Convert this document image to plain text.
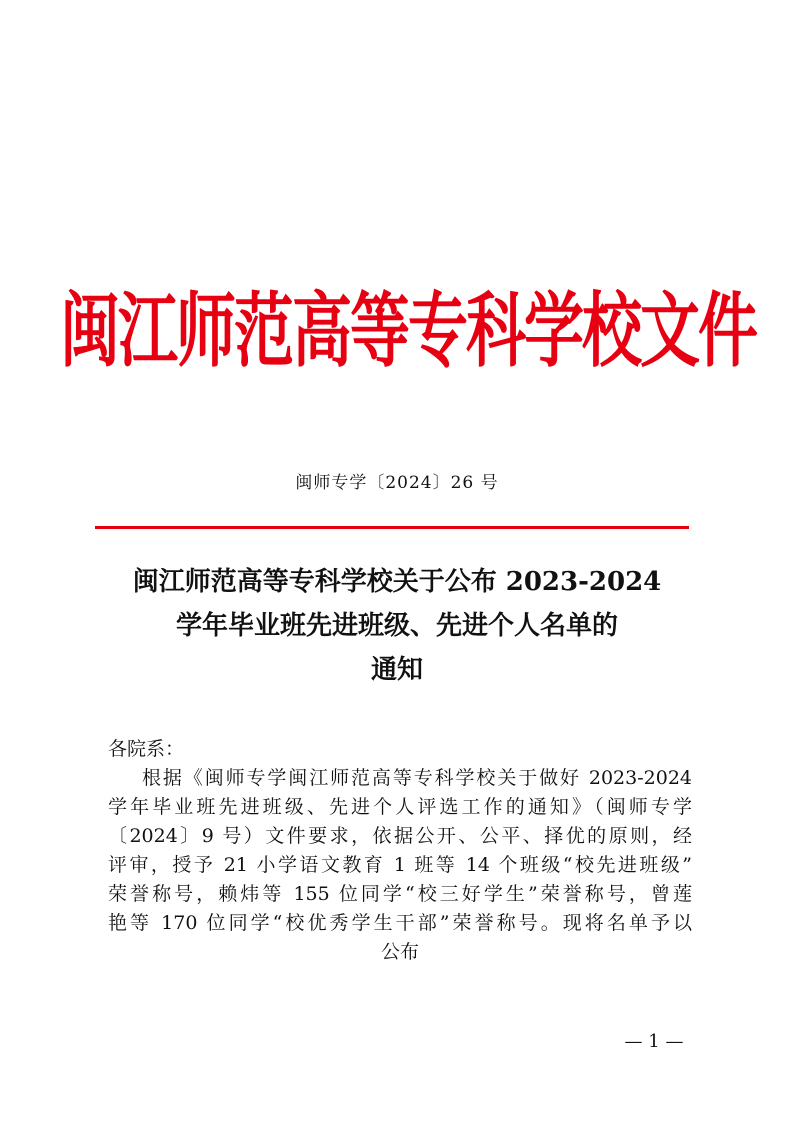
闽江师范高等专科学校文件
闽师专学〔2024〕26 号
闽江师范高等专科学校关于公布 2023-2024
学年毕业班先进班级、先进个人名单的
通知
各院系：
根据《闽师专学闽江师范高等专科学校关于做好 2023-2024
学年毕业班先进班级、先进个人评选工作的通知》（闽师专学
〔2024〕9 号）文件要求，依据公开、公平、择优的原则，经
评审，授予 21 小学语文教育 1 班等 14 个班级“校先进班级”
荣誉称号，赖炜等 155 位同学“校三好学生”荣誉称号，曾莲
艳等 170 位同学“校优秀学生干部”荣誉称号。现将名单予以
公布
— 1 —
